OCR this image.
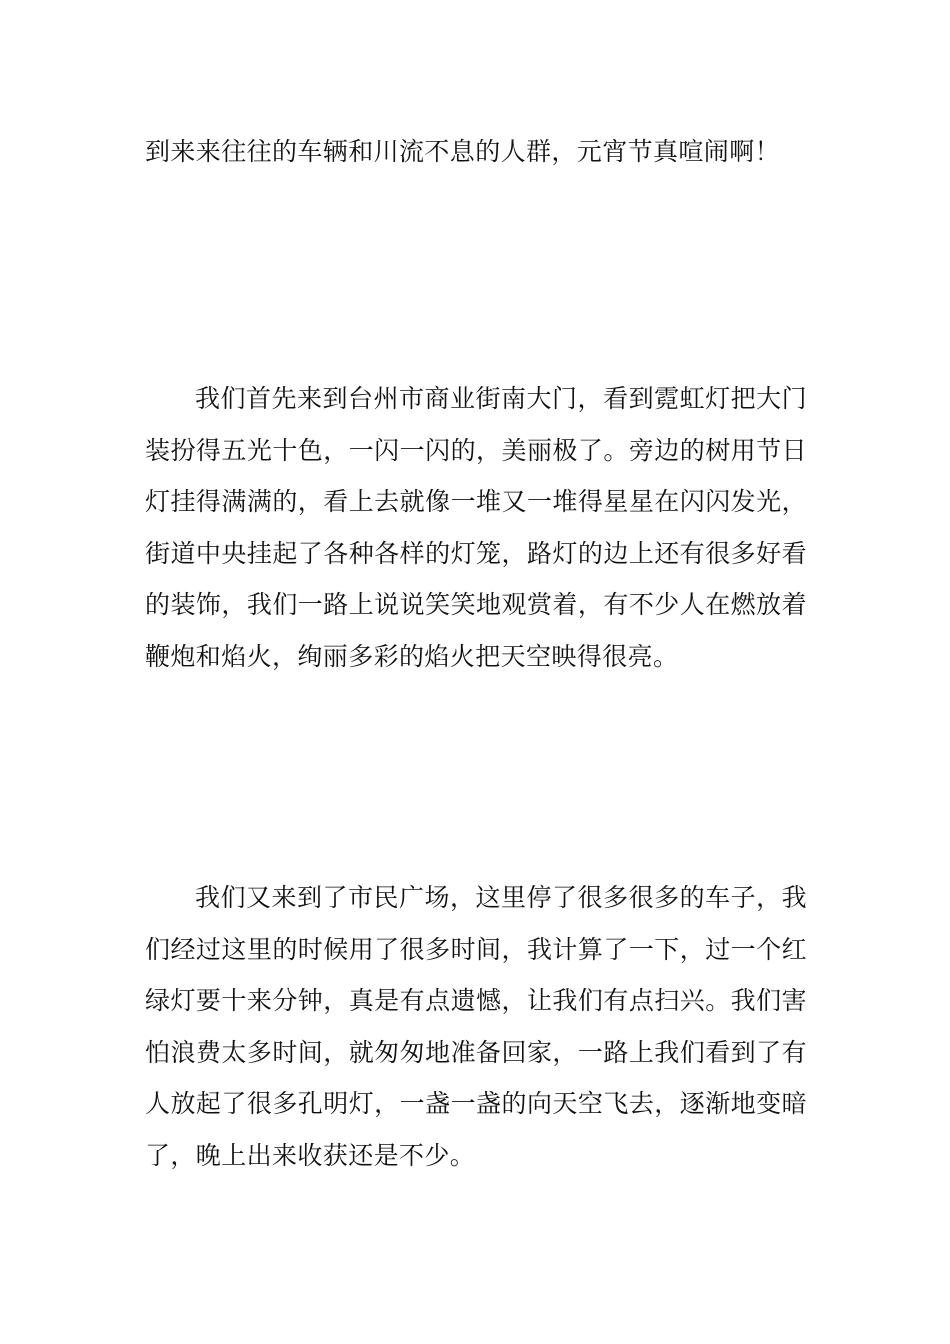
到来来往往的车辆和川流不息的人群，元宵节真喧闹啊！

我们首先来到台州市商业街南大门，看到霓虹灯把大门装扮得五光十色，一闪一闪的，美丽极了。旁边的树用节日灯挂得满满的，看上去就像一堆又一堆得星星在闪闪发光，街道中央挂起了各种各样的灯笼，路灯的边上还有很多好看的装饰，我们一路上说说笑笑地观赏着，有不少人在燃放着鞭炮和焰火，绚丽多彩的焰火把天空映得很亮。

我们又来到了市民广场，这里停了很多很多的车子，我们经过这里的时候用了很多时间，我计算了一下，过一个红绿灯要十来分钟，真是有点遗憾，让我们有点扫兴。我们害怕浪费太多时间，就匆匆地准备回家，一路上我们看到了有人放起了很多孔明灯，一盏一盏的向天空飞去，逐渐地变暗了，晚上出来收获还是不少。
